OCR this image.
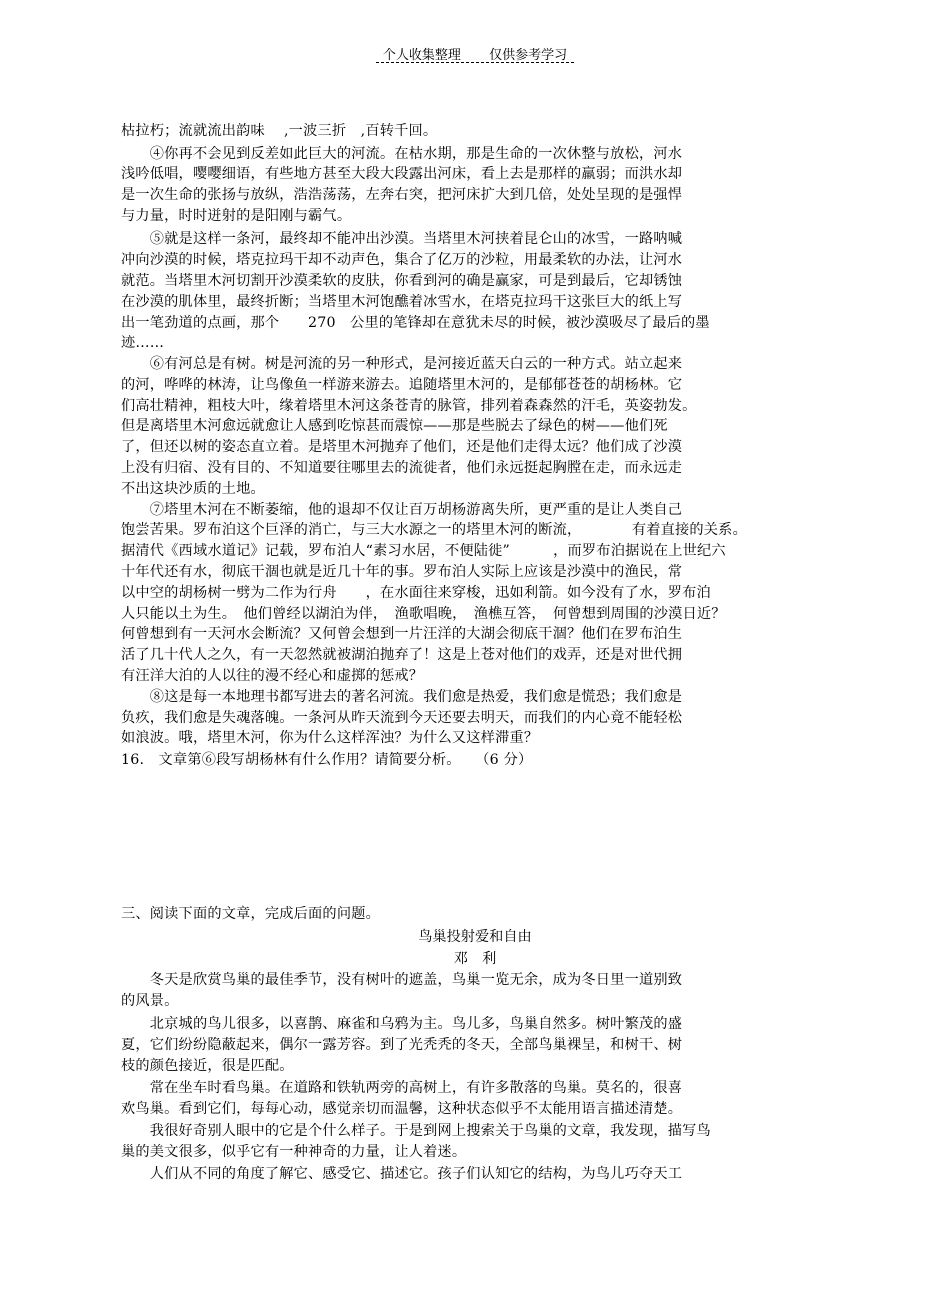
个人收集整理 仅供参考学习
枯拉朽；流就流出韵味　 ,一波三折　,百转千回。
　　④你再不会见到反差如此巨大的河流。在枯水期，那是生命的一次休整与放松，河水
浅吟低唱，嘤嘤细语，有些地方甚至大段大段露出河床，看上去是那样的羸弱；而洪水却
是一次生命的张扬与放纵，浩浩荡荡，左奔右突，把河床扩大到几倍，处处呈现的是强悍
与力量，时时迸射的是阳刚与霸气。
　　⑤就是这样一条河，最终却不能冲出沙漠。当塔里木河挟着昆仑山的冰雪，一路呐喊
冲向沙漠的时候，塔克拉玛干却不动声色，集合了亿万的沙粒，用最柔软的办法，让河水
就范。当塔里木河切割开沙漠柔软的皮肤，你看到河的确是赢家，可是到最后，它却锈蚀
在沙漠的肌体里，最终折断；当塔里木河饱醮着冰雪水，在塔克拉玛干这张巨大的纸上写
出一笔劲道的点画，那个　　270　公里的笔锋却在意犹未尽的时候，被沙漠吸尽了最后的墨
迹……
　　⑥有河总是有树。树是河流的另一种形式，是河接近蓝天白云的一种方式。站立起来
的河，哗哗的林涛，让鸟像鱼一样游来游去。追随塔里木河的，是郁郁苍苍的胡杨林。它
们高壮精神，粗枝大叶，缘着塔里木河这条苍青的脉管，排列着森森然的汗毛，英姿勃发。
但是离塔里木河愈远就愈让人感到吃惊甚而震惊——那是些脱去了绿色的树——他们死
了，但还以树的姿态直立着。是塔里木河抛弃了他们，还是他们走得太远？他们成了沙漠
上没有归宿、没有目的、不知道要往哪里去的流徙者，他们永远挺起胸膛在走，而永远走
不出这块沙质的土地。
　　⑦塔里木河在不断萎缩，他的退却不仅让百万胡杨游离失所，更严重的是让人类自己
饱尝苦果。罗布泊这个巨泽的消亡，与三大水源之一的塔里木河的断流，　　　　有着直接的关系。
据清代《西域水道记》记载，罗布泊人“素习水居，不便陆徙”　　　，而罗布泊据说在上世纪六
十年代还有水，彻底干涸也就是近几十年的事。罗布泊人实际上应该是沙漠中的渔民，常
以中空的胡杨树一劈为二作为行舟　　，在水面往来穿梭，迅如利箭。如今没有了水，罗布泊
人只能以土为生。　他们曾经以湖泊为伴，　渔歌唱晚，　渔樵互答，　何曾想到周围的沙漠日近？
何曾想到有一天河水会断流？又何曾会想到一片汪洋的大湖会彻底干涸？他们在罗布泊生
活了几十代人之久，有一天忽然就被湖泊抛弃了！这是上苍对他们的戏弄，还是对世代拥
有汪洋大泊的人以往的漫不经心和虚掷的惩戒？
　　⑧这是每一本地理书都写进去的著名河流。我们愈是热爱，我们愈是慌恐；我们愈是
负疚，我们愈是失魂落魄。一条河从昨天流到今天还要去明天，而我们的内心竟不能轻松
如浪波。哦，塔里木河，你为什么这样浑浊？为什么又这样滞重？
16.　文章第⑥段写胡杨林有什么作用？请简要分析。　　（6 分）
三、阅读下面的文章，完成后面的问题。
鸟巢投射爱和自由
邓　利
　　冬天是欣赏鸟巢的最佳季节，没有树叶的遮盖，鸟巢一览无余，成为冬日里一道别致
的风景。
　　北京城的鸟儿很多，以喜鹊、麻雀和乌鸦为主。鸟儿多，鸟巢自然多。树叶繁茂的盛
夏，它们纷纷隐蔽起来，偶尔一露芳容。到了光秃秃的冬天，全部鸟巢裸呈，和树干、树
枝的颜色接近，很是匹配。
　　常在坐车时看鸟巢。在道路和铁轨两旁的高树上，有许多散落的鸟巢。莫名的，很喜
欢鸟巢。看到它们，每每心动，感觉亲切而温馨，这种状态似乎不太能用语言描述清楚。
　　我很好奇别人眼中的它是个什么样子。于是到网上搜索关于鸟巢的文章，我发现，描写鸟
巢的美文很多，似乎它有一种神奇的力量，让人着迷。
　　人们从不同的角度了解它、感受它、描述它。孩子们认知它的结构，为鸟儿巧夺天工
